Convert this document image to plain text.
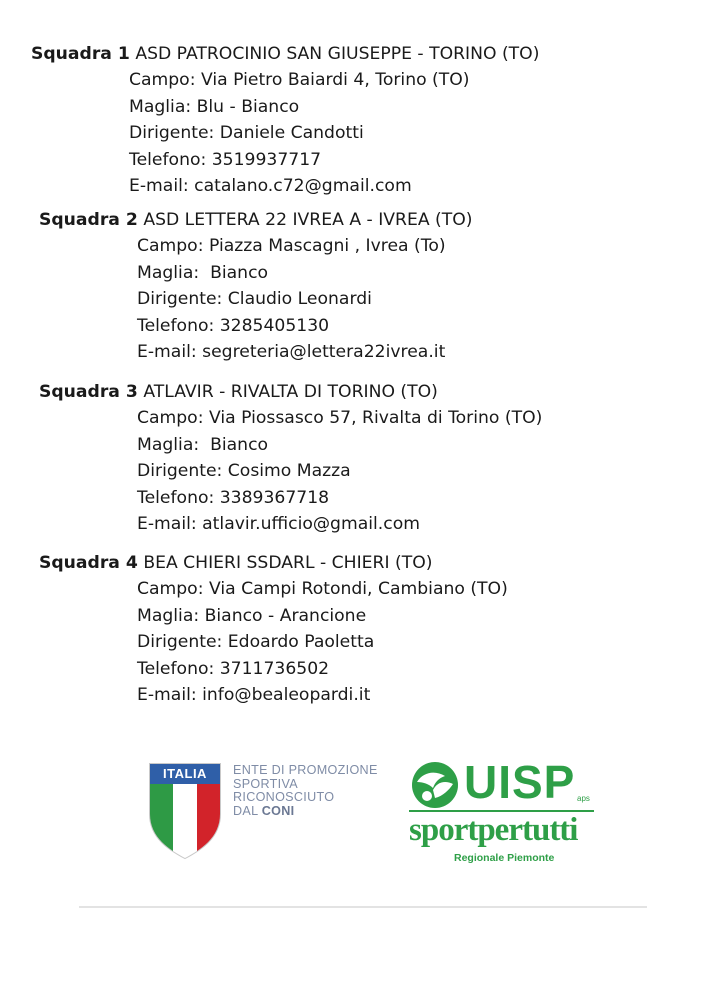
Squadra 1 ASD PATROCINIO SAN GIUSEPPE - TORINO (TO)
Campo: Via Pietro Baiardi 4, Torino (TO)
Maglia: Blu - Bianco
Dirigente: Daniele Candotti
Telefono: 3519937717
E-mail: catalano.c72@gmail.com
Squadra 2 ASD LETTERA 22 IVREA A - IVREA (TO)
Campo: Piazza Mascagni , Ivrea (To)
Maglia:  Bianco
Dirigente: Claudio Leonardi
Telefono: 3285405130
E-mail: segreteria@lettera22ivrea.it
Squadra 3 ATLAVIR - RIVALTA DI TORINO (TO)
Campo: Via Piossasco 57, Rivalta di Torino (TO)
Maglia:  Bianco
Dirigente: Cosimo Mazza
Telefono: 3389367718
E-mail: atlavir.ufficio@gmail.com
Squadra 4 BEA CHIERI SSDARL - CHIERI (TO)
Campo: Via Campi Rotondi, Cambiano (TO)
Maglia: Bianco - Arancione
Dirigente: Edoardo Paoletta
Telefono: 3711736502
E-mail: info@bealeopardi.it
ITALIA ENTE DI PROMOZIONE
SPORTIVA
RICONOSCIUTO
DAL CONI
UISP aps
sportpertutti
Regionale Piemonte
